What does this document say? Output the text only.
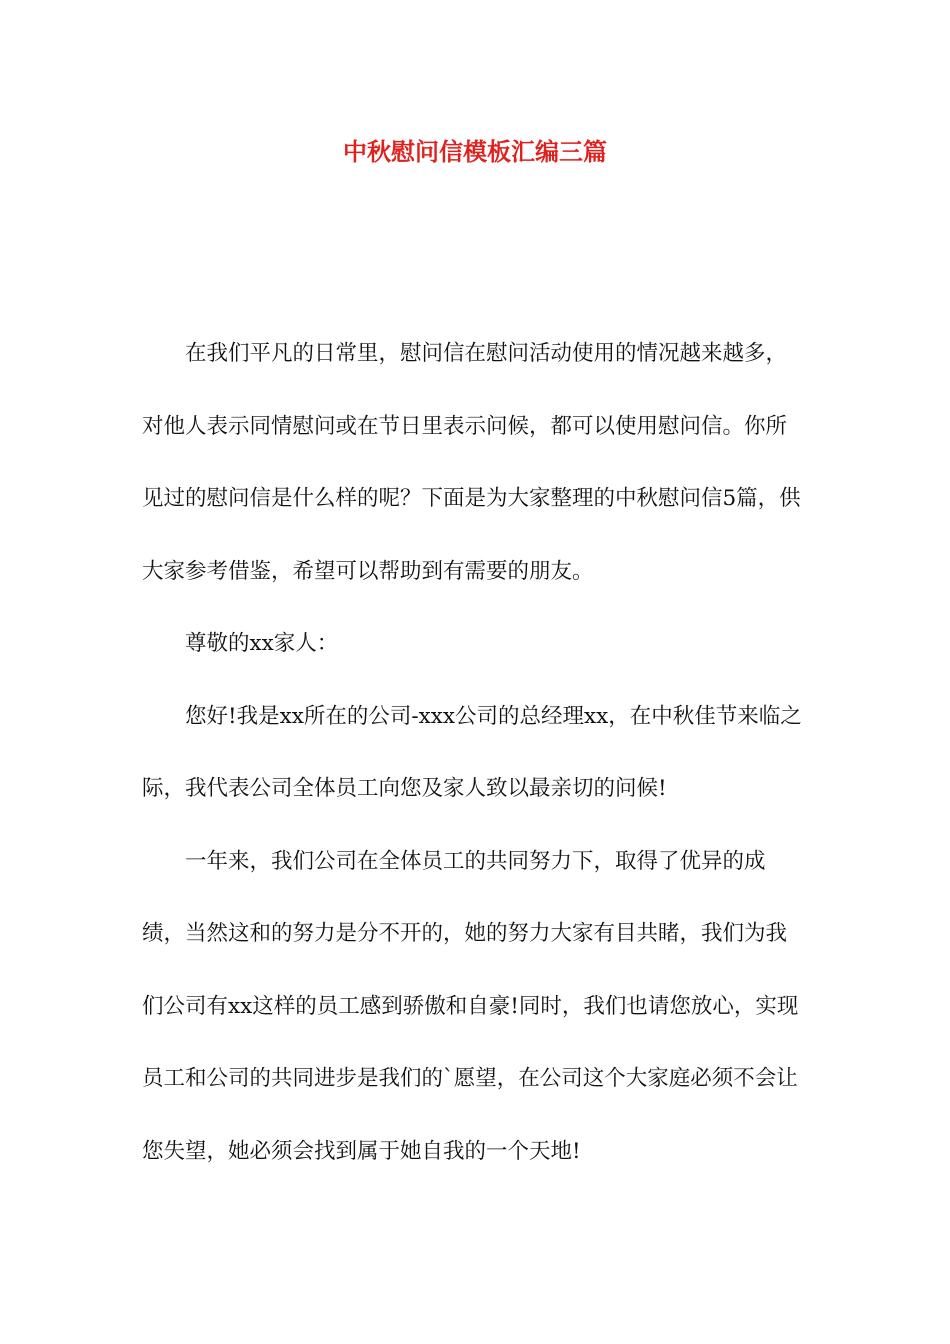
中秋慰问信模板汇编三篇

在我们平凡的日常里，慰问信在慰问活动使用的情况越来越多，对他人表示同情慰问或在节日里表示问候，都可以使用慰问信。你所见过的慰问信是什么样的呢？下面是为大家整理的中秋慰问信5篇，供大家参考借鉴，希望可以帮助到有需要的朋友。

尊敬的xx家人：

您好!我是xx所在的公司-xxx公司的总经理xx，在中秋佳节来临之际，我代表公司全体员工向您及家人致以最亲切的问候!

一年来，我们公司在全体员工的共同努力下，取得了优异的成绩，当然这和的努力是分不开的，她的努力大家有目共睹，我们为我们公司有xx这样的员工感到骄傲和自豪!同时，我们也请您放心，实现员工和公司的共同进步是我们的`愿望，在公司这个大家庭必须不会让您失望，她必须会找到属于她自我的一个天地!
